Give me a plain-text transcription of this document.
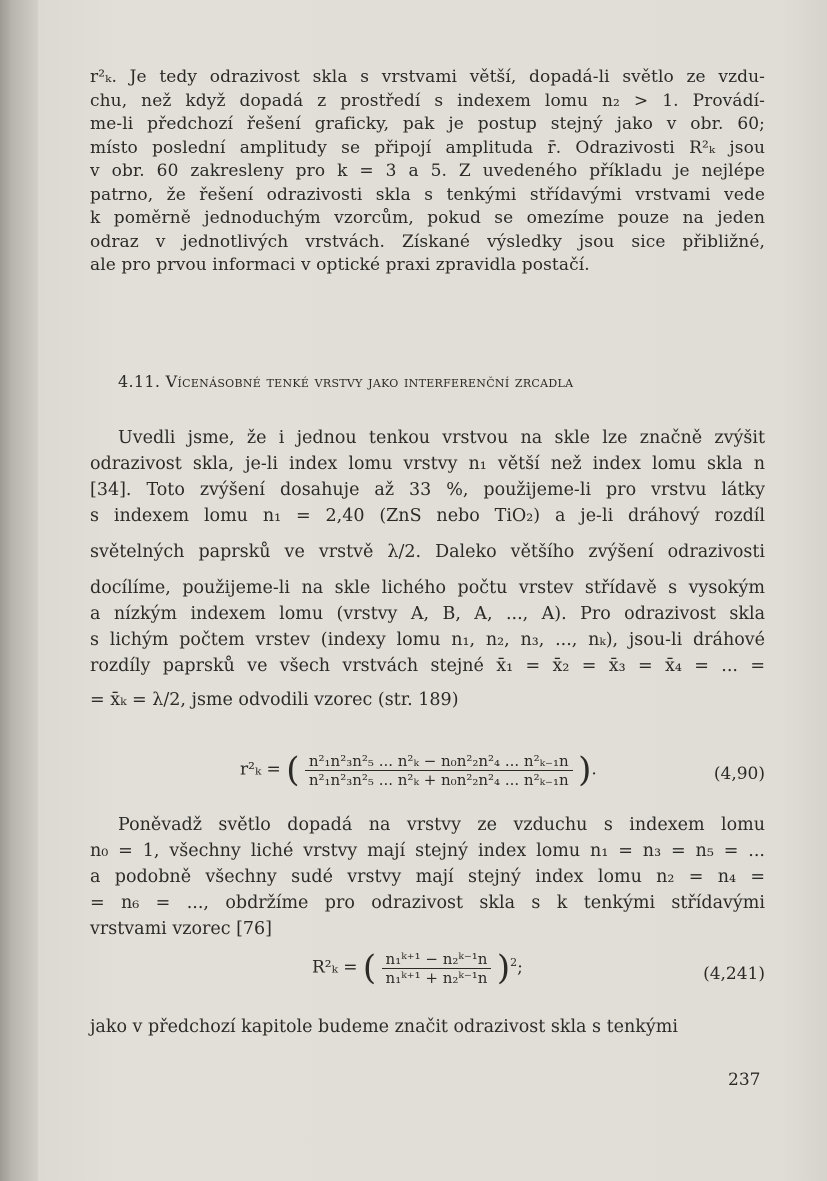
r²ₖ. Je tedy odrazivost skla s vrstvami větší, dopadá-li světlo ze vzdu-
chu, než když dopadá z prostředí s indexem lomu n₂ > 1. Provádí-
me-li předchozí řešení graficky, pak je postup stejný jako v obr. 60;
místo poslední amplitudy se připojí amplituda r̄. Odrazivosti R²ₖ jsou
v obr. 60 zakresleny pro k = 3 a 5. Z uvedeného příkladu je nejlépe
patrno, že řešení odrazivosti skla s tenkými střídavými vrstvami vede
k poměrně jednoduchým vzorcům, pokud se omezíme pouze na jeden
odraz v jednotlivých vrstvách. Získané výsledky jsou sice přibližné,
ale pro prvou informaci v optické praxi zpravidla postačí.
4.11. Vícenásobné tenké vrstvy jako interferenční zrcadla
Uvedli jsme, že i jednou tenkou vrstvou na skle lze značně zvýšit
odrazivost skla, je-li index lomu vrstvy n₁ větší než index lomu skla n
[34]. Toto zvýšení dosahuje až 33 %, použijeme-li pro vrstvu látky
s indexem lomu n₁ = 2,40 (ZnS nebo TiO₂) a je-li dráhový rozdíl
světelných paprsků ve vrstvě λ/2. Daleko většího zvýšení odrazivosti
docílíme, použijeme-li na skle lichého počtu vrstev střídavě s vysokým
a nízkým indexem lomu (vrstvy A, B, A, ..., A). Pro odrazivost skla
s lichým počtem vrstev (indexy lomu n₁, n₂, n₃, ..., nₖ), jsou-li dráhové
rozdíly paprsků ve všech vrstvách stejné x̄₁ = x̄₂ = x̄₃ = x̄₄ = ... =
= x̄ₖ = λ/2, jsme odvodili vzorec (str. 189)
r²ₖ = ( $\frac{\text{n²₁n²₃n²₅ ... n²ₖ − n₀n²₂n²₄ ... n²ₖ₋₁n}}{\text{n²₁n²₃n²₅ ... n²ₖ + n₀n²₂n²₄ ... n²ₖ₋₁n}}$ ).	(4,90)
Poněvadž světlo dopadá na vrstvy ze vzduchu s indexem lomu
n₀ = 1, všechny liché vrstvy mají stejný index lomu n₁ = n₃ = n₅ = ...
a podobně všechny sudé vrstvy mají stejný index lomu n₂ = n₄ =
= n₆ = ..., obdržíme pro odrazivost skla s k tenkými střídavými
vrstvami vzorec [76]
R²ₖ = ( $\frac{\text{n₁ᵏ⁺¹ − n₂ᵏ⁻¹n}}{\text{n₁ᵏ⁺¹ + n₂ᵏ⁻¹n}} )^2$;	(4,241)
jako v předchozí kapitole budeme značit odrazivost skla s tenkými
237
